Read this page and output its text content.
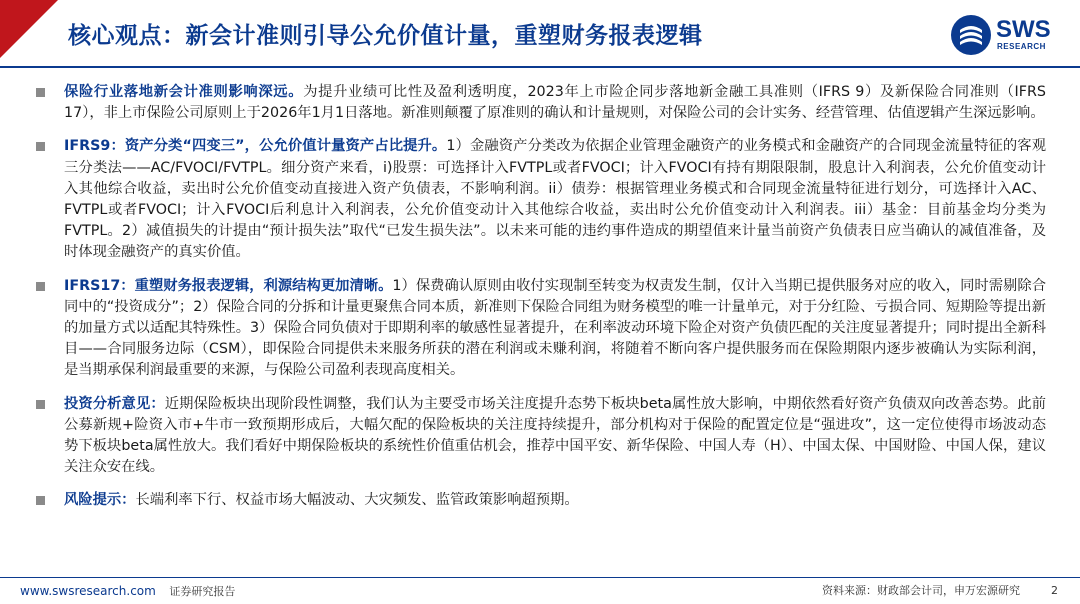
核心观点：新会计准则引导公允价值计量，重塑财务报表逻辑	SWS
RESEARCH
保险行业落地新会计准则影响深远。为提升业绩可比性及盈利透明度，2023年上市险企同步落地新金融工具准则（IFRS 9）及新保险合同准则（IFRS 17），非上市保险公司原则上于2026年1月1日落地。新准则颠覆了原准则的确认和计量规则，对保险公司的会计实务、经营管理、估值逻辑产生深远影响。
IFRS9：资产分类“四变三”，公允价值计量资产占比提升。1）金融资产分类改为依据企业管理金融资产的业务模式和金融资产的合同现金流量特征的客观三分类法——AC/FVOCI/FVTPL。细分资产来看，i)股票：可选择计入FVTPL或者FVOCI；计入FVOCI有持有期限限制，股息计入利润表，公允价值变动计入其他综合收益，卖出时公允价值变动直接进入资产负债表，不影响利润。ii）债券：根据管理业务模式和合同现金流量特征进行划分，可选择计入AC、FVTPL或者FVOCI；计入FVOCI后利息计入利润表，公允价值变动计入其他综合收益，卖出时公允价值变动计入利润表。iii）基金：目前基金均分类为FVTPL。2）减值损失的计提由“预计损失法”取代“已发生损失法”。以未来可能的违约事件造成的期望值来计量当前资产负债表日应当确认的减值准备，及时体现金融资产的真实价值。
IFRS17：重塑财务报表逻辑，利源结构更加清晰。1）保费确认原则由收付实现制至转变为权责发生制，仅计入当期已提供服务对应的收入，同时需剔除合同中的“投资成分”；2）保险合同的分拆和计量更聚焦合同本质，新准则下保险合同组为财务模型的唯一计量单元，对于分红险、亏损合同、短期险等提出新的加量方式以适配其特殊性。3）保险合同负债对于即期利率的敏感性显著提升，在利率波动环境下险企对资产负债匹配的关注度显著提升；同时提出全新科目——合同服务边际（CSM），即保险合同提供未来服务所获的潜在利润或未赚利润，将随着不断向客户提供服务而在保险期限内逐步被确认为实际利润，是当期承保利润最重要的来源，与保险公司盈利表现高度相关。
投资分析意见：近期保险板块出现阶段性调整，我们认为主要受市场关注度提升态势下板块beta属性放大影响，中期依然看好资产负债双向改善态势。此前公募新规+险资入市+牛市一致预期形成后，大幅欠配的保险板块的关注度持续提升，部分机构对于保险的配置定位是“强进攻”，这一定位使得市场波动态势下板块beta属性放大。我们看好中期保险板块的系统性价值重估机会，推荐中国平安、新华保险、中国人寿（H）、中国太保、中国财险、中国人保，建议关注众安在线。
风险提示：长端利率下行、权益市场大幅波动、大灾频发、监管政策影响超预期。
www.swsresearch.com 证券研究报告	资料来源：财政部会计司，申万宏源研究	2
